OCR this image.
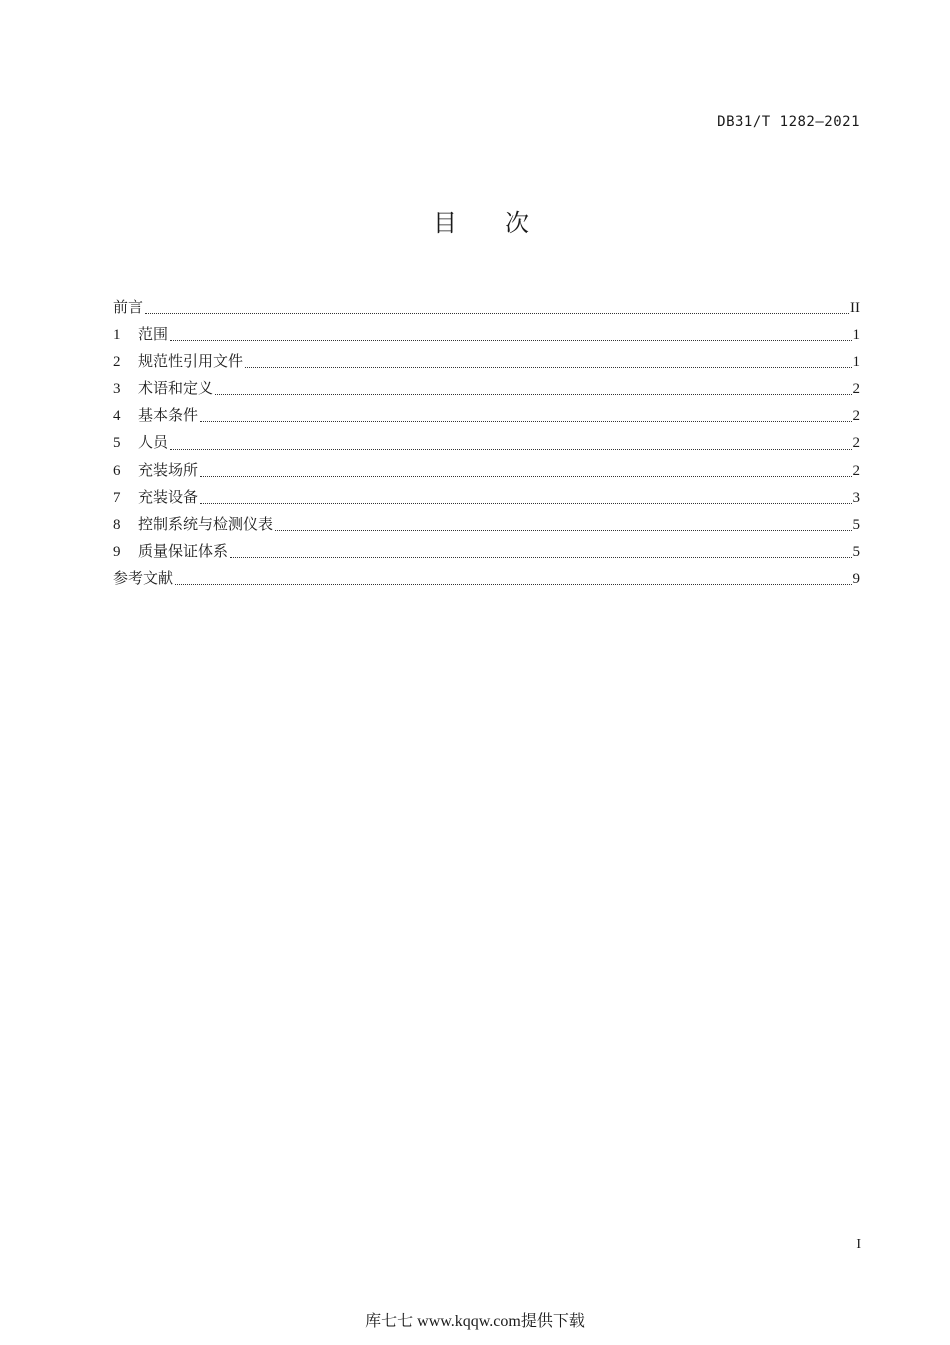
DB31/T 1282—2021
目次
前言	II
1	范围	1
2	规范性引用文件	1
3	术语和定义	2
4	基本条件	2
5	人员	2
6	充装场所	2
7	充装设备	3
8	控制系统与检测仪表	5
9	质量保证体系	5
参考文献	9
I
库七七 www.kqqw.com提供下载
